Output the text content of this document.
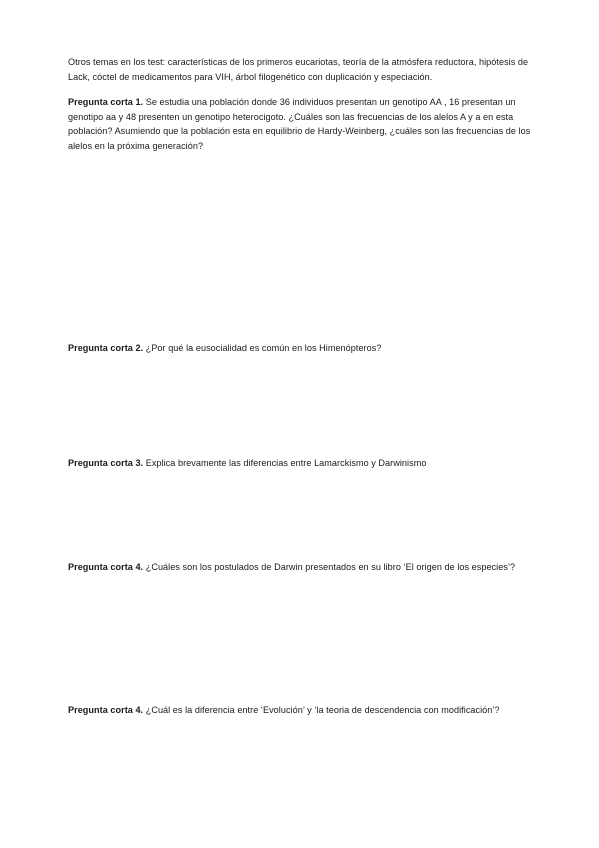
Otros temas en los test: características de los primeros eucariotas, teoría de la atmósfera reductora, hipótesis de Lack, cóctel de medicamentos para VIH, árbol filogenético con duplicación y especiación.

Pregunta corta 1. Se estudia una población donde 36 individuos presentan un genotipo AA , 16 presentan un genotipo aa y 48 presenten un genotipo heterocigoto. ¿Cuáles son las frecuencias de los alelos A y a en esta población? Asumiendo que la población esta en equilibrio de Hardy-Weinberg, ¿cuáles son las frecuencias de los alelos en la próxima generación?

Pregunta corta 2. ¿Por qué la eusocialidad es común en los Himenópteros?

Pregunta corta 3. Explica brevamente las diferencias entre Lamarckismo y Darwinismo

Pregunta corta 4. ¿Cuáles son los postulados de Darwin presentados en su libro ‘El origen de los especies’?

Pregunta corta 4. ¿Cuál es la diferencia entre ‘Evolución’ y ‘la teoria de descendencia con modificación’?
